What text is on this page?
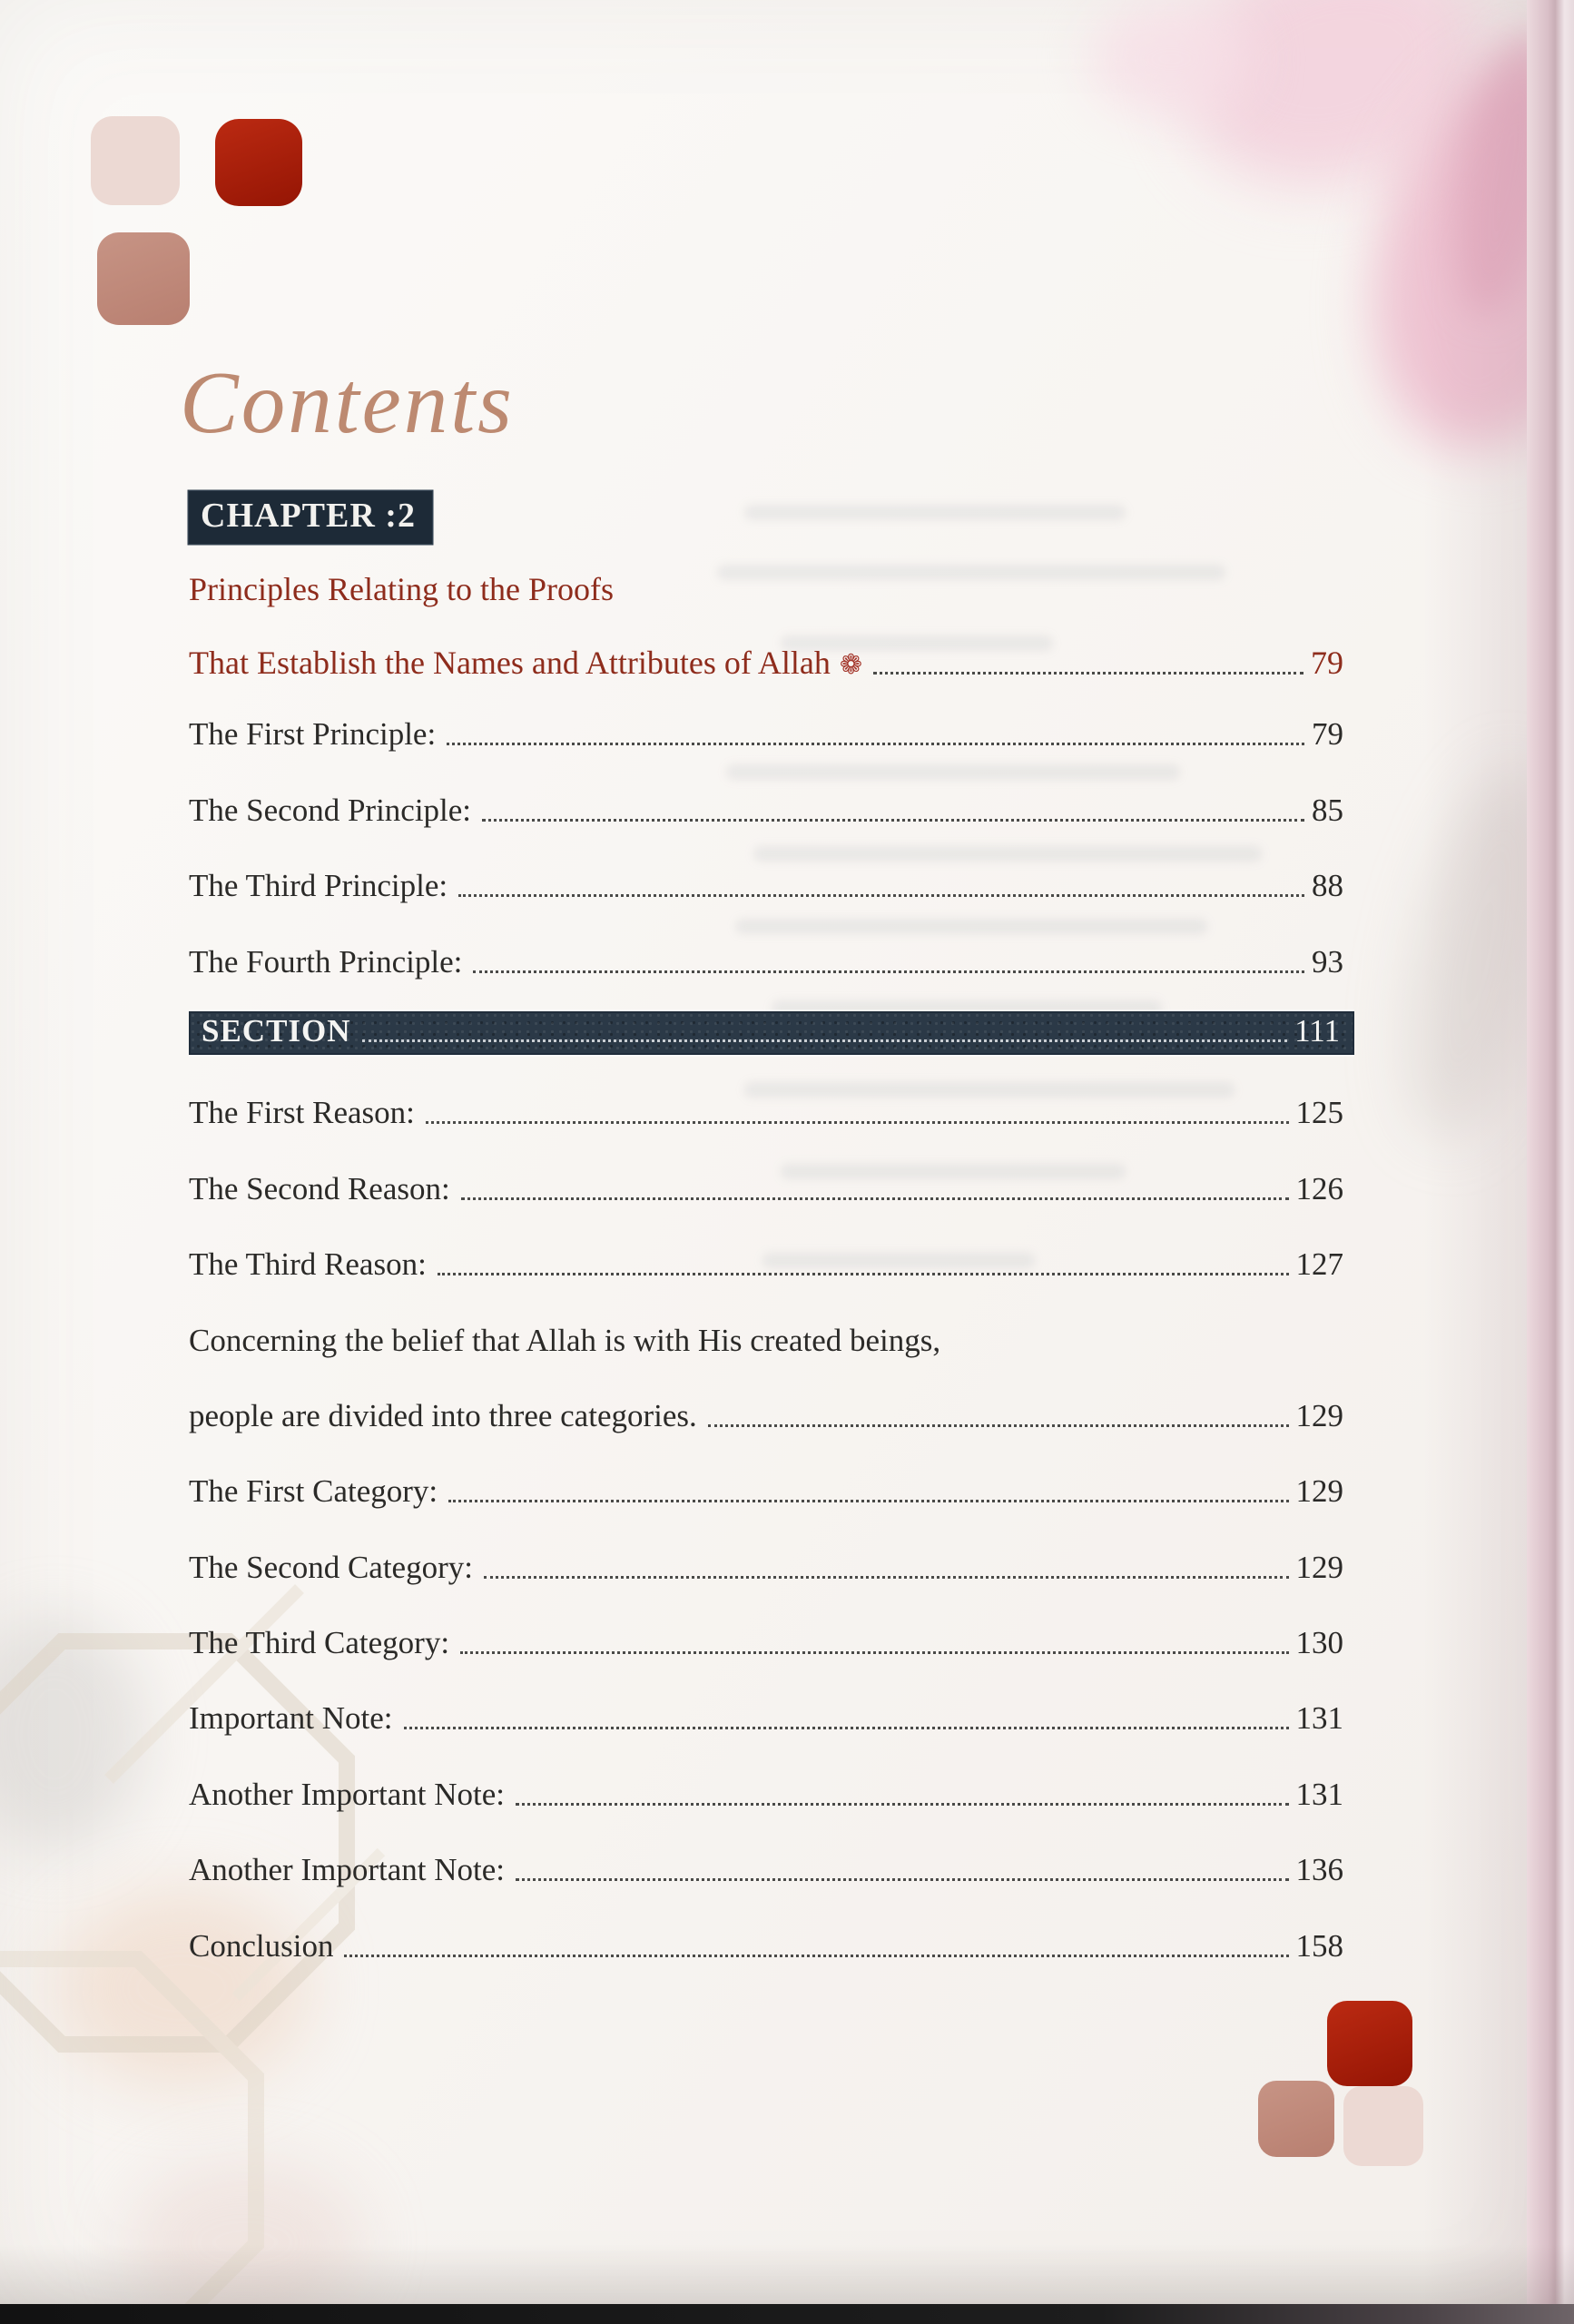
Contents
CHAPTER :2
Principles Relating to the Proofs
That Establish the Names and Attributes of Allah ❁	79
The First Principle:	79
The Second Principle:	85
The Third Principle:	88
The Fourth Principle:	93
SECTION	111
The First Reason:	125
The Second Reason:	126
The Third Reason:	127
Concerning the belief that Allah is with His created beings,
people are divided into three categories.	129
The First Category:	129
The Second Category:	129
The Third Category:	130
Important Note:	131
Another Important Note:	131
Another Important Note:	136
Conclusion	158
